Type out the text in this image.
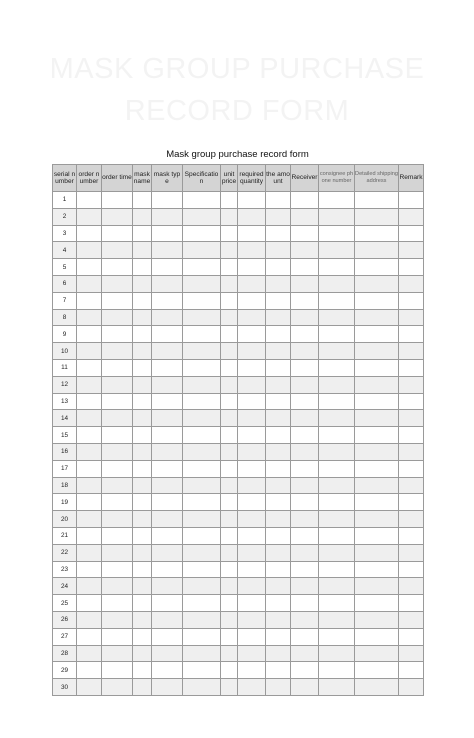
MASK GROUP PURCHASE
RECORD FORM
Mask group purchase record form
serial number	order number	order time	mask name	mask type	Specification	unit price	required quantity	the amount	Receiver	consignee phone number	Detailed shipping address	Remark
1												
2												
3												
4												
5												
6												
7												
8												
9												
10												
11												
12												
13												
14												
15												
16												
17												
18												
19												
20												
21												
22												
23												
24												
25												
26												
27												
28												
29												
30												
